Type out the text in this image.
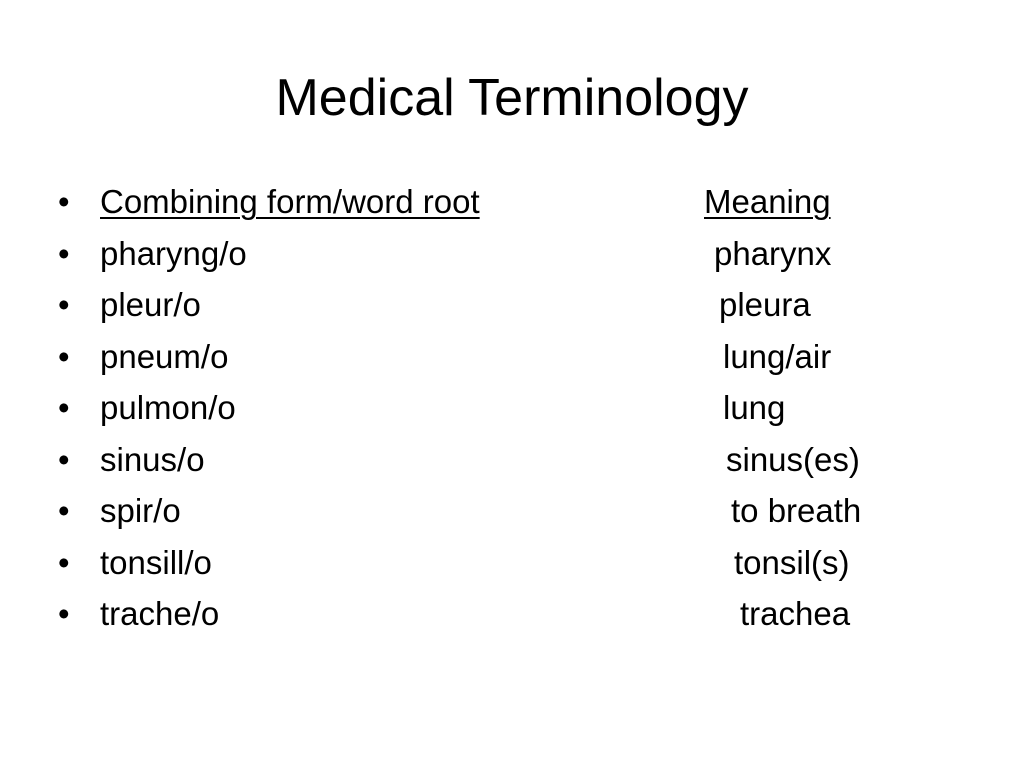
Medical Terminology
• Combining form/word root	Meaning
• pharyng/o	pharynx
• pleur/o	pleura
• pneum/o	lung/air
• pulmon/o	lung
• sinus/o	sinus(es)
• spir/o	to breath
• tonsill/o	tonsil(s)
• trache/o	trachea
